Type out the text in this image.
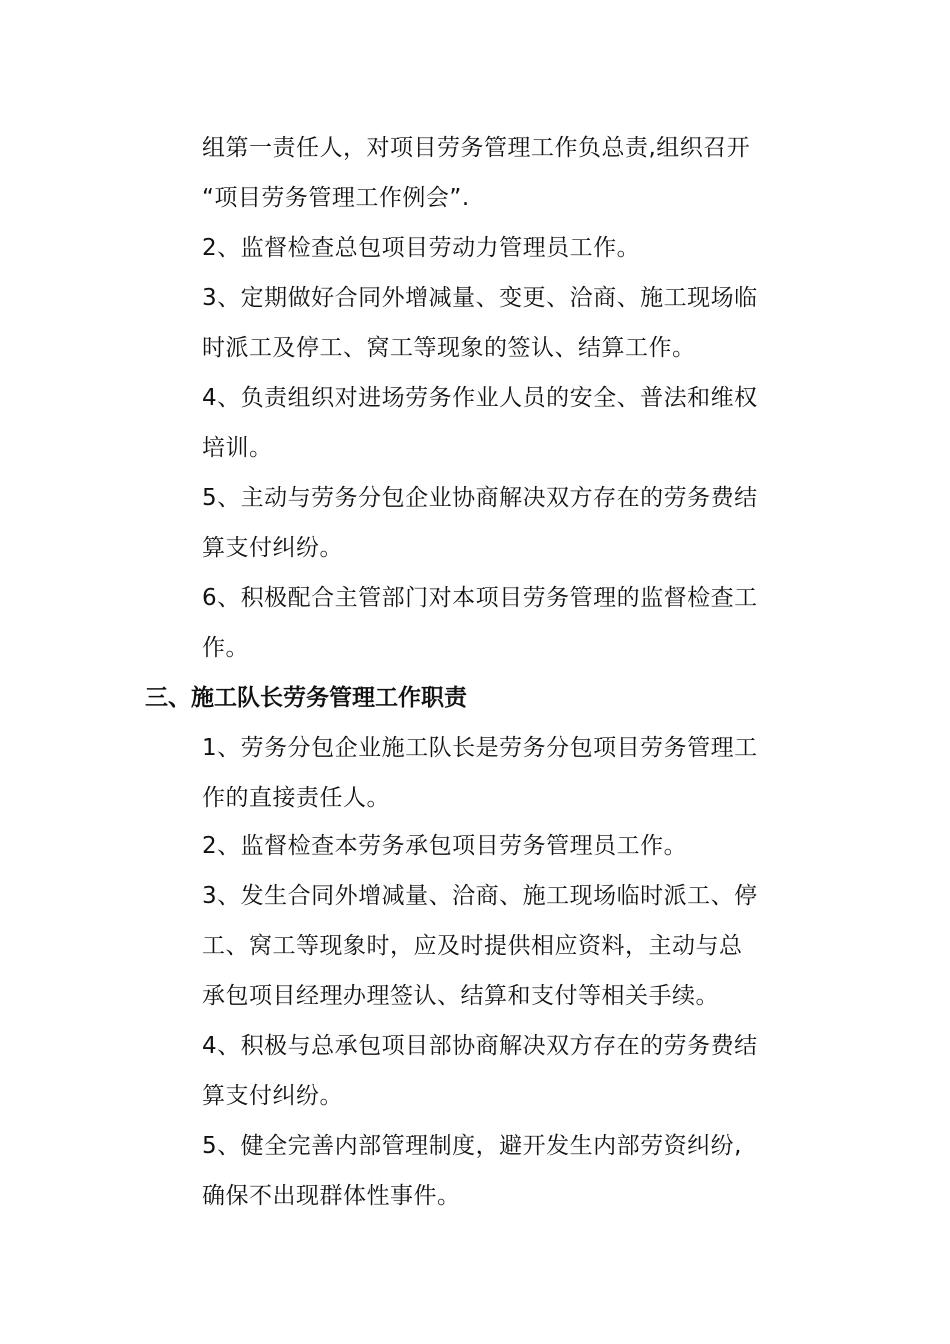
组第一责任人，对项目劳务管理工作负总责,组织召开
“项目劳务管理工作例会”.
2、监督检查总包项目劳动力管理员工作。
3、定期做好合同外增减量、变更、洽商、施工现场临
时派工及停工、窝工等现象的签认、结算工作。
4、负责组织对进场劳务作业人员的安全、普法和维权
培训。
5、主动与劳务分包企业协商解决双方存在的劳务费结
算支付纠纷。
6、积极配合主管部门对本项目劳务管理的监督检查工
作。
三、施工队长劳务管理工作职责
1、劳务分包企业施工队长是劳务分包项目劳务管理工
作的直接责任人。
2、监督检查本劳务承包项目劳务管理员工作。
3、发生合同外增减量、洽商、施工现场临时派工、停
工、窝工等现象时，应及时提供相应资料，主动与总
承包项目经理办理签认、结算和支付等相关手续。
4、积极与总承包项目部协商解决双方存在的劳务费结
算支付纠纷。
5、健全完善内部管理制度，避开发生内部劳资纠纷,
确保不出现群体性事件。
